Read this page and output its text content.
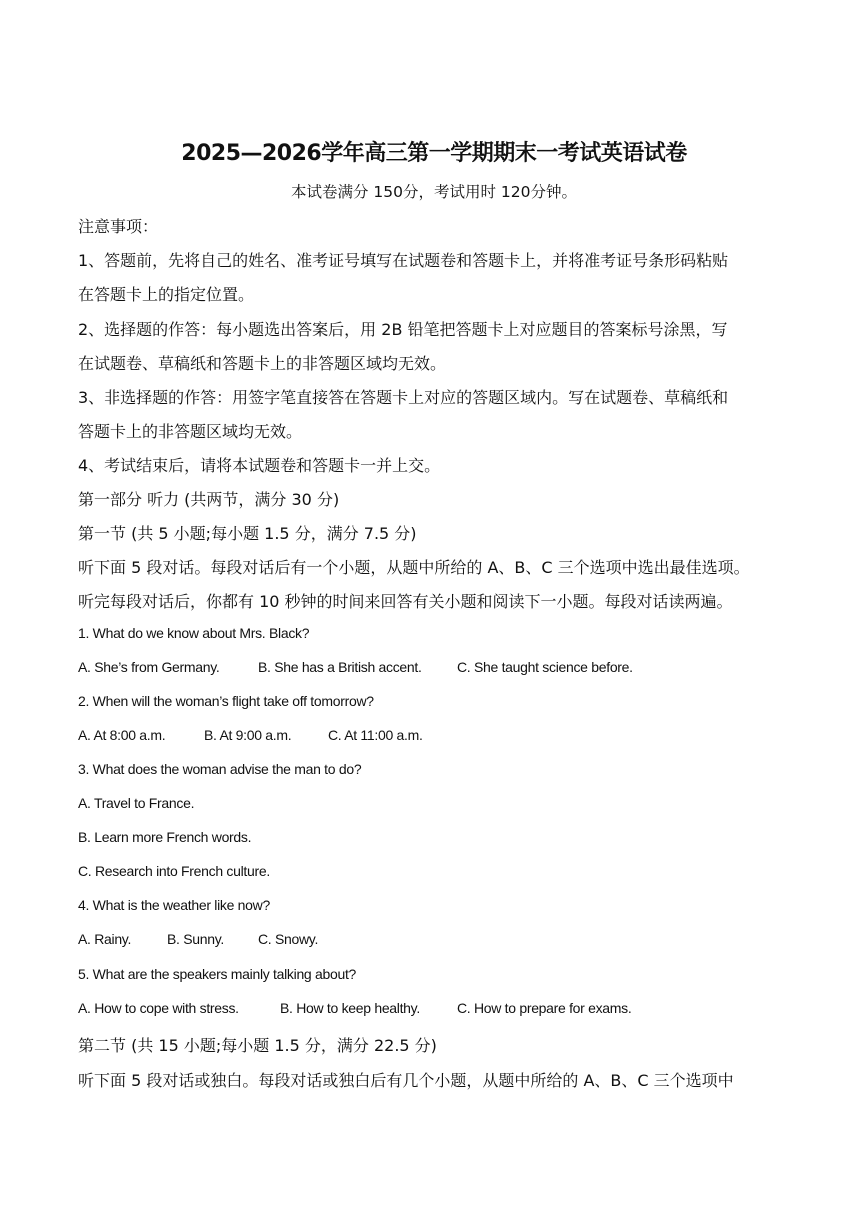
2025—2026学年高三第一学期期末一考试英语试卷
本试卷满分 150分，考试用时 120分钟。
注意事项：
1、答题前，先将自己的姓名、准考证号填写在试题卷和答题卡上，并将准考证号条形码粘贴
在答题卡上的指定位置。
2、选择题的作答：每小题选出答案后，用 2B 铅笔把答题卡上对应题目的答案标号涂黑，写
在试题卷、草稿纸和答题卡上的非答题区域均无效。
3、非选择题的作答：用签字笔直接答在答题卡上对应的答题区域内。写在试题卷、草稿纸和
答题卡上的非答题区域均无效。
4、考试结束后，请将本试题卷和答题卡一并上交。
第一部分 听力 (共两节，满分 30 分)
第一节 (共 5 小题;每小题 1.5 分，满分 7.5 分)
听下面 5 段对话。每段对话后有一个小题，从题中所给的 A、B、C 三个选项中选出最佳选项。
听完每段对话后，你都有 10 秒钟的时间来回答有关小题和阅读下一小题。每段对话读两遍。
1. What do we know about Mrs. Black?
A. She’s from Germany.	B. She has a British accent.	C. She taught science before.
2. When will the woman’s flight take off tomorrow?
A. At 8:00 a.m.	B. At 9:00 a.m.	C. At 11:00 a.m.
3. What does the woman advise the man to do?
A. Travel to France.
B. Learn more French words.
C. Research into French culture.
4. What is the weather like now?
A. Rainy.	B. Sunny. C. Snowy.
5. What are the speakers mainly talking about?
A. How to cope with stress.	B. How to keep healthy.	C. How to prepare for exams.
第二节 (共 15 小题;每小题 1.5 分，满分 22.5 分)
听下面 5 段对话或独白。每段对话或独白后有几个小题，从题中所给的 A、B、C 三个选项中
